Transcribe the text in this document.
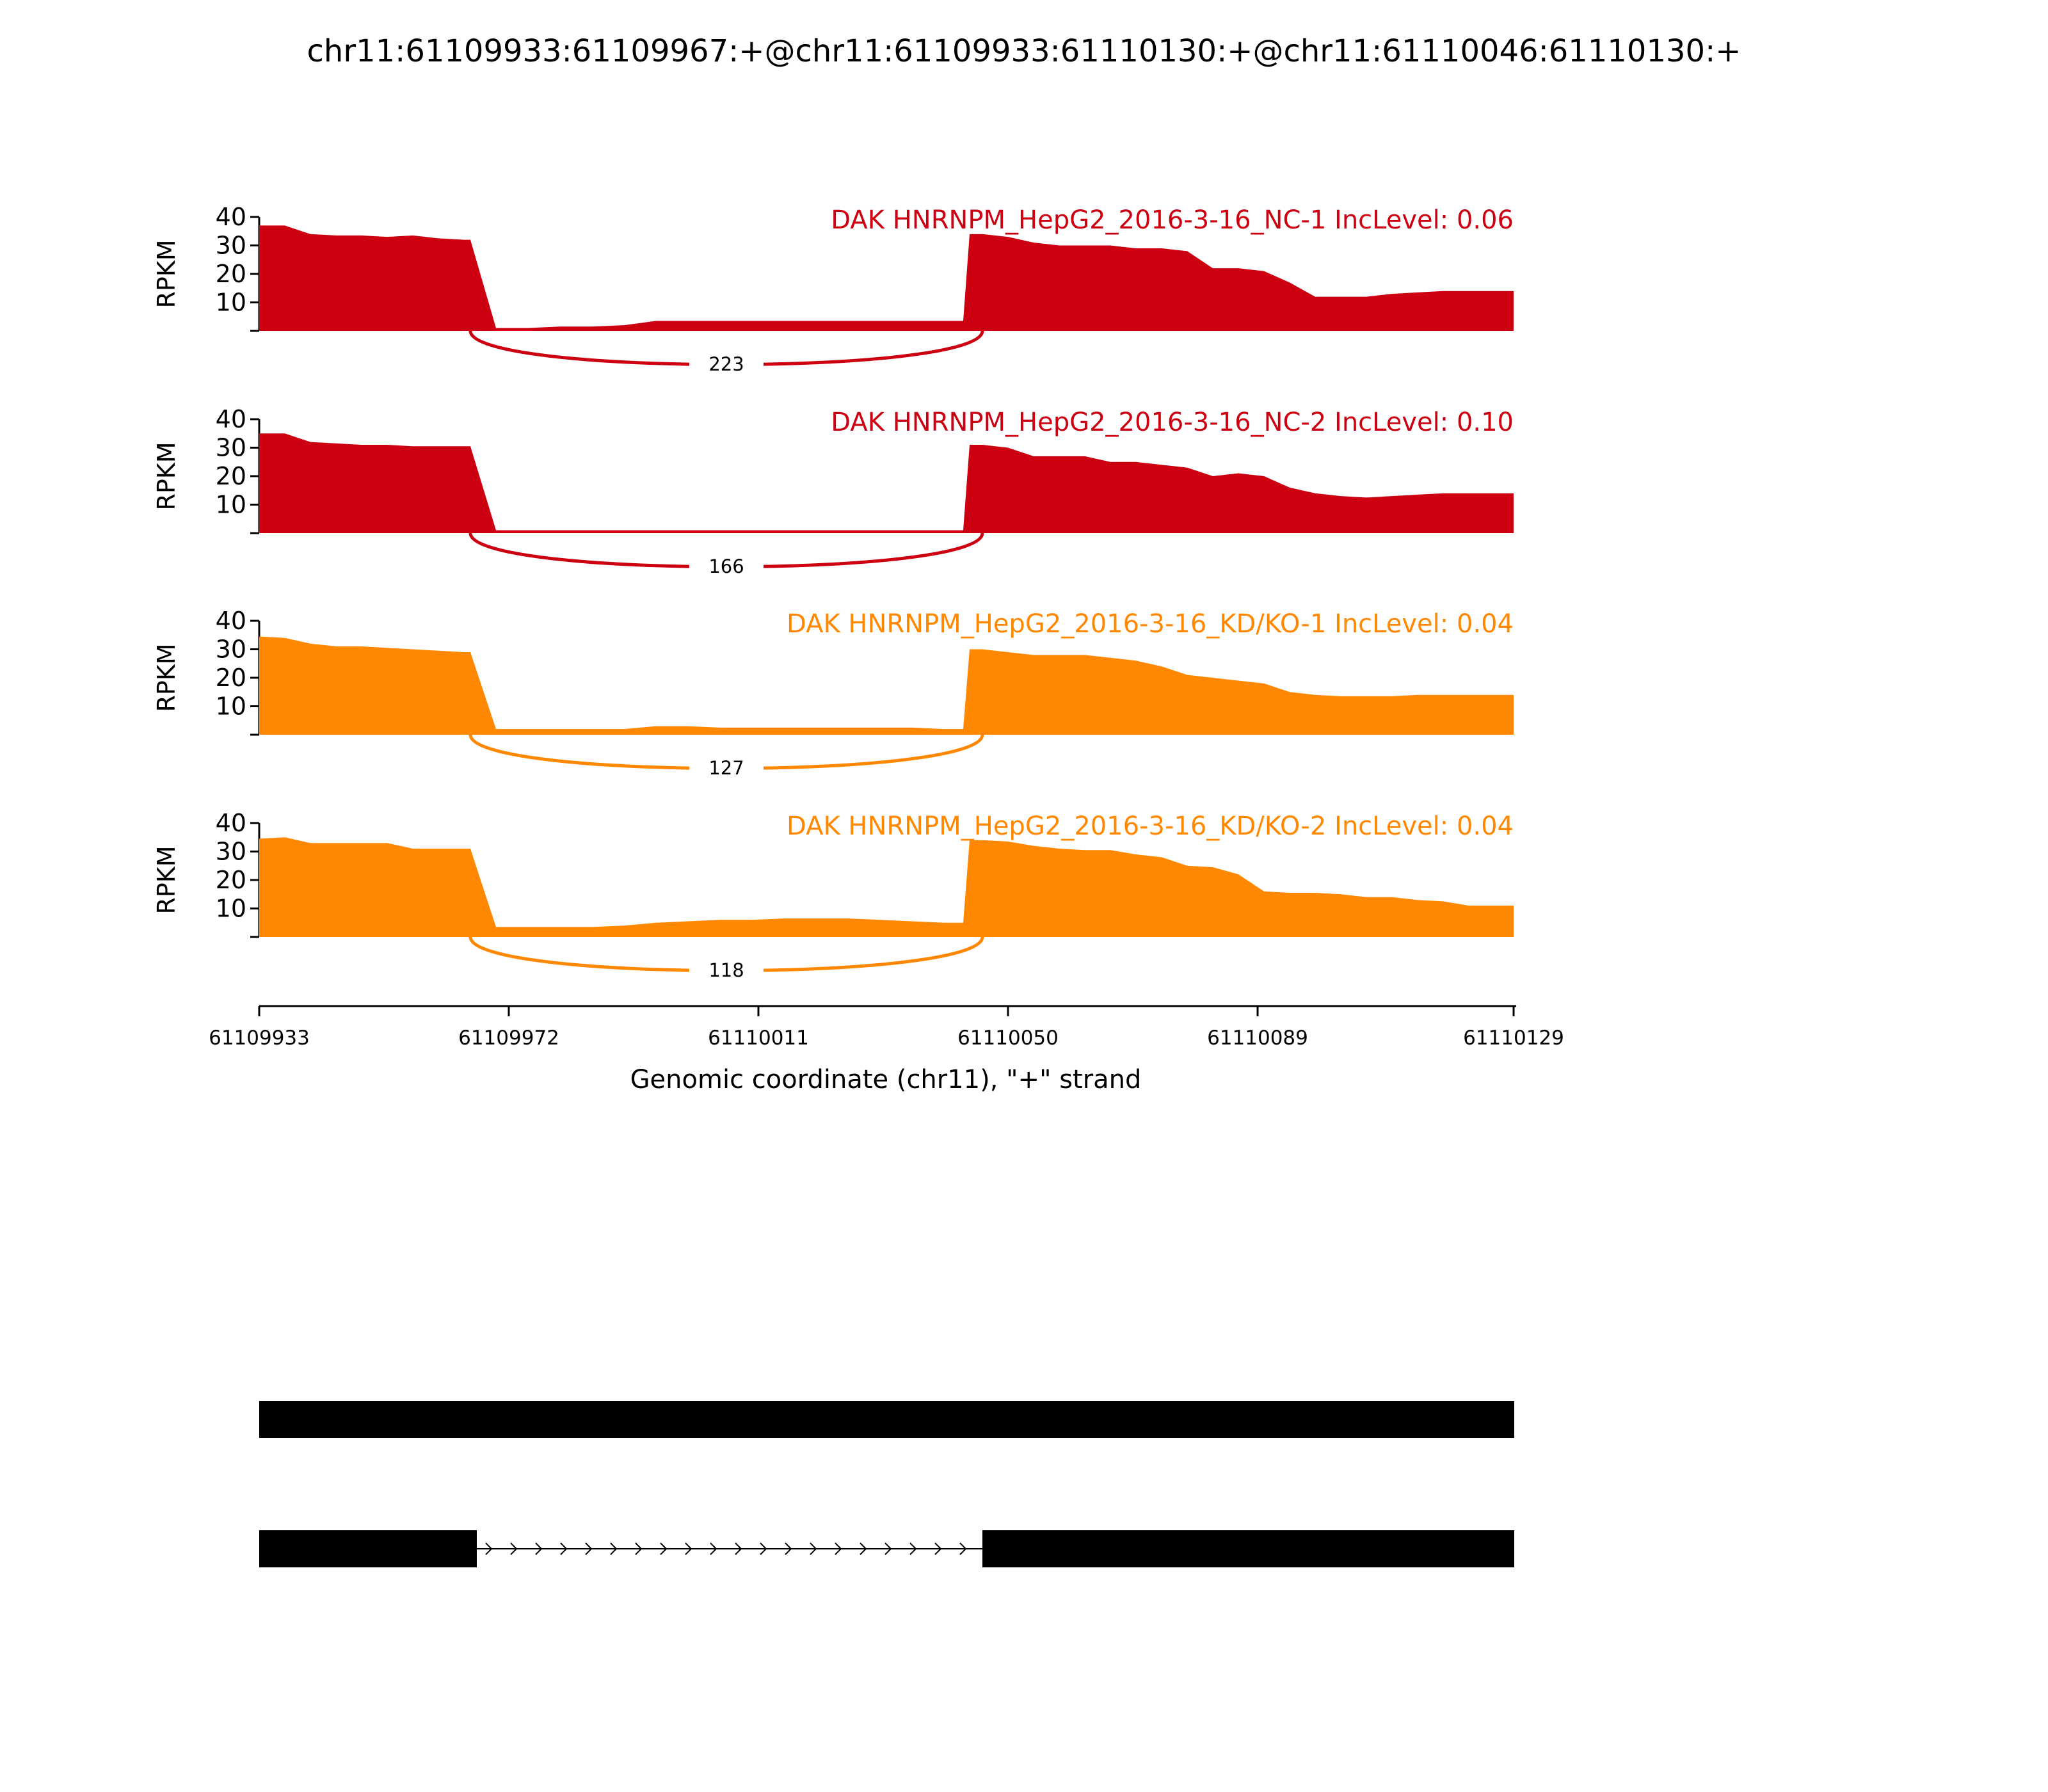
chr11:61109933:61109967:+@chr11:61109933:61110130:+@chr11:61110046:61110130:+
10
20
30
40
RPKM
DAK HNRNPM_HepG2_2016-3-16_NC-1 IncLevel: 0.06
223
10
20
30
40
RPKM
DAK HNRNPM_HepG2_2016-3-16_NC-2 IncLevel: 0.10
166
10
20
30
40
RPKM
DAK HNRNPM_HepG2_2016-3-16_KD/KO-1 IncLevel: 0.04
127
10
20
30
40
RPKM
DAK HNRNPM_HepG2_2016-3-16_KD/KO-2 IncLevel: 0.04
118
61109933	61109972	61110011	61110050	61110089	61110129
Genomic coordinate (chr11), "+" strand
